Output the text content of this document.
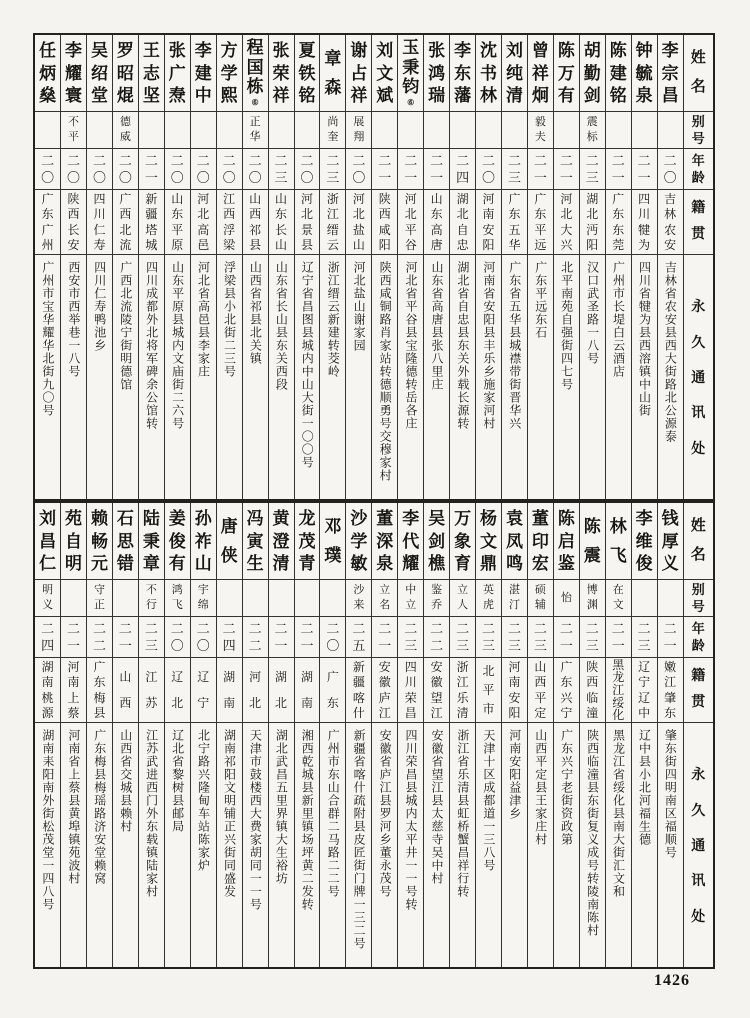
姓
名
别
号
年
龄
籍
贯
永
久
通
讯
处
李
宗
昌
二
〇
吉
林
农
安
吉林省农安县西大街路北公源泰
钟
毓
泉
二
一
四
川
犍
为
四川省犍为县西溶镇中山街
陈
建
铭
二
一
广
东
东
莞
广州市长堤白云酒店
胡
勤
剑
震
标
二
三
湖
北
沔
阳
汉口武圣路一八号
陈
万
有
二
一
河
北
大
兴
北平南苑自强街四七号
曾
祥
炯
毅
夫
二
一
广
东
平
远
广东平远东石
刘
纯
清
二
三
广
东
五
华
广东省五华县城襟带街晋华兴
沈
书
林
二
〇
河
南
安
阳
河南省安阳县丰乐乡施家河村
李
东
藩
二
四
湖
北
自
忠
湖北省自忠县东关外载长源转
张
鸿
瑞
二
一
山
东
高
唐
山东省高唐县张八里庄
玉
秉
钧
⑥
二
一
河
北
平
谷
河北省平谷县宝隆德转岳各庄
刘
文
斌
二
一
陕
西
咸
阳
陕西咸铜路肖家站转德顺勇号交穆家村
谢
占
祥
展
翔
二
〇
河
北
盐
山
河北盐山谢家园
章
森
尚
奎
二
三
浙
江
缙
云
浙江缙云新建转茭岭
夏
铁
铭
二
〇
河
北
景
县
辽宁省昌图县城内中山大街一〇〇号
张
荣
祥
二
三
山
东
长
山
山东省长山县东关西段
程
国
栋
⑥
正
华
二
〇
山
西
祁
县
山西省祁县北关镇
方
学
熙
二
〇
江
西
浮
梁
浮梁县小北街二三号
李
建
中
二
〇
河
北
高
邑
河北省高邑县李家庄
张
广
焘
二
〇
山
东
平
原
山东平原县城内文庙街二六号
王
志
坚
二
一
新
疆
塔
城
四川成都外北将军碑余公馆转
罗
昭
焜
德
威
二
〇
广
西
北
流
广西北流陵宁街明德馆
吴
绍
堂
二
〇
四
川
仁
寿
四川仁寿鸭池乡
李
耀
寰
不
平
二
〇
陕
西
长
安
西安市西举巷一八号
任
炳
燊
二
〇
广
东
广
州
广州市宝华耀华北街九〇号
姓
名
别
号
年
龄
籍
贯
永
久
通
讯
处
钱
厚
义
二
一
嫩
江
肇
东
肇东街四明南区福顺号
李
维
俊
二
三
辽
宁
辽
中
辽中县小北河福生德
林
飞
在
文
二
一
黑
龙
江
绥
化
黑龙江省绥化县南大街汇文和
陈
震
博
渊
二
三
陕
西
临
潼
陕西临潼县东街复义成号转陵南陈村
陈
启
鉴
怡
二
一
广
东
兴
宁
广东兴宁老街资政第
董
印
宏
硕
辅
二
三
山
西
平
定
山西平定县王家庄村
袁
凤
鸣
湛
汀
二
三
河
南
安
阳
河南安阳益津乡
杨
文
鼎
英
虎
二
三
北
平
市
天津十区成都道一三八号
万
象
育
立
人
二
三
浙
江
乐
清
浙江省乐清县虹桥蟹昌祥行转
吴
剑
樵
鉴
乔
二
二
安
徽
望
江
安徽省望江县太慈寺吴中村
李
代
耀
中
立
二
三
四
川
荣
昌
四川荣昌县城内太平井一一号转
董
深
泉
立
名
二
一
安
徽
庐
江
安徽省庐江县罗河乡董永茂号
沙
学
敏
沙
来
二
五
新
疆
喀
什
新疆省喀什疏附县皮匠街门牌一三二号
邓
璞
二
〇
广
东
广州市东山合群二马路二二号
龙
茂
青
二
一
湖
南
湘西乾城县新里镇场坪黄二发转
黄
澄
清
二
一
湖
北
湖北武昌五里界镇大生裕坊
冯
寅
生
二
二
河
北
天津市鼓楼西大费家胡同一一号
唐
侠
二
四
湖
南
湖南祁阳文明铺正兴街同盛发
孙
祚
山
宇
绵
二
〇
辽
宁
北宁路兴隆甸车站陈家炉
姜
俊
有
鸿
飞
二
〇
辽
北
辽北省黎树县邮局
陆
秉
章
不
行
二
三
江
苏
江苏武进西门外东载镇陆家村
石
思
错
二
一
山
西
山西省交城县赖村
赖
畅
元
守
正
二
二
广
东
梅
县
广东梅县梅瑶路济安堂赖窝
苑
自
明
二
一
河
南
上
蔡
河南省上蔡县黄埠镇苑波村
刘
昌
仁
明
义
二
四
湖
南
桃
源
湖南耒阳南外街松茂堂一四八号
1426
